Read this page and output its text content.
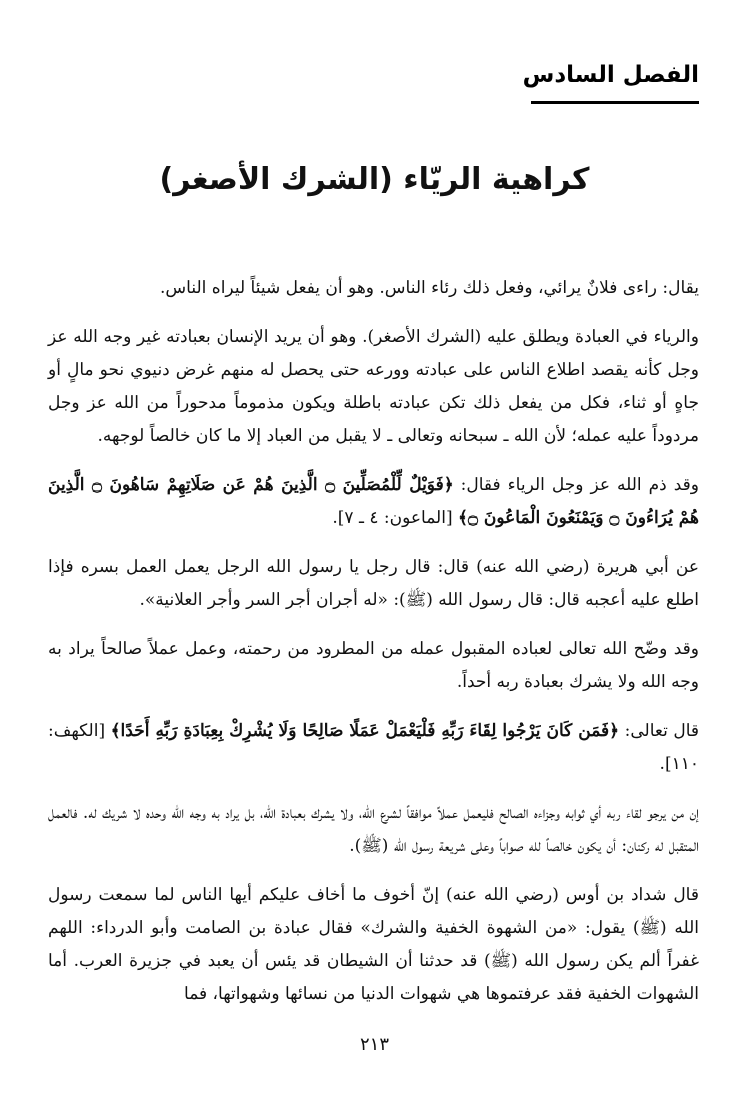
الفصل السادس
كراهية الريّاء (الشرك الأصغر)

يقال: راءى فلانٌ يرائي، وفعل ذلك رئاء الناس. وهو أن يفعل شيئاً ليراه الناس.

والرياء في العبادة ويطلق عليه (الشرك الأصغر). وهو أن يريد الإنسان بعبادته غير وجه الله عز وجل كأنه يقصد اطلاع الناس على عبادته وورعه حتى يحصل له منهم غرض دنيوي نحو مالٍ أو جاهٍ أو ثناء، فكل من يفعل ذلك تكن عبادته باطلة ويكون مذموماً مدحوراً من الله عز وجل مردوداً عليه عمله؛ لأن الله ـ سبحانه وتعالى ـ لا يقبل من العباد إلا ما كان خالصاً لوجهه.

وقد ذم الله عز وجل الرياء فقال: ﴿فَوَيْلٌ لِّلْمُصَلِّينَ ۝ الَّذِينَ هُمْ عَن صَلَاتِهِمْ سَاهُونَ ۝ الَّذِينَ هُمْ يُرَاءُونَ ۝ وَيَمْنَعُونَ الْمَاعُونَ ۝﴾ [الماعون: ٤ ـ ٧].

عن أبي هريرة (رضي الله عنه) قال: قال رجل يا رسول الله الرجل يعمل العمل بسره فإذا اطلع عليه أعجبه قال: قال رسول الله (ﷺ): «له أجران أجر السر وأجر العلانية».

وقد وضّح الله تعالى لعباده المقبول عمله من المطرود من رحمته، وعمل عملاً صالحاً يراد به وجه الله ولا يشرك بعبادة ربه أحداً.

قال تعالى: ﴿فَمَن كَانَ يَرْجُوا لِقَاءَ رَبِّهِ فَلْيَعْمَلْ عَمَلًا صَالِحًا وَلَا يُشْرِكْ بِعِبَادَةِ رَبِّهِ أَحَدًا﴾ [الكهف: ١١٠].

إن من يرجو لقاء ربه أي ثوابه وجزاءه الصالح فليعمل عملاً موافقاً لشرع الله، ولا يشرك بعبادة الله، بل يراد به وجه الله وحده لا شريك له. فالعمل المتقبل له ركنان: أن يكون خالصاً لله صواباً وعلى شريعة رسول الله (ﷺ).

قال شداد بن أوس (رضي الله عنه) إنّ أخوف ما أخاف عليكم أيها الناس لما سمعت رسول الله (ﷺ) يقول: «من الشهوة الخفية والشرك» فقال عبادة بن الصامت وأبو الدرداء: اللهم غفراً ألم يكن رسول الله (ﷺ) قد حدثنا أن الشيطان قد يئس أن يعبد في جزيرة العرب. أما الشهوات الخفية فقد عرفتموها هي شهوات الدنيا من نسائها وشهواتها، فما

٢١٣
